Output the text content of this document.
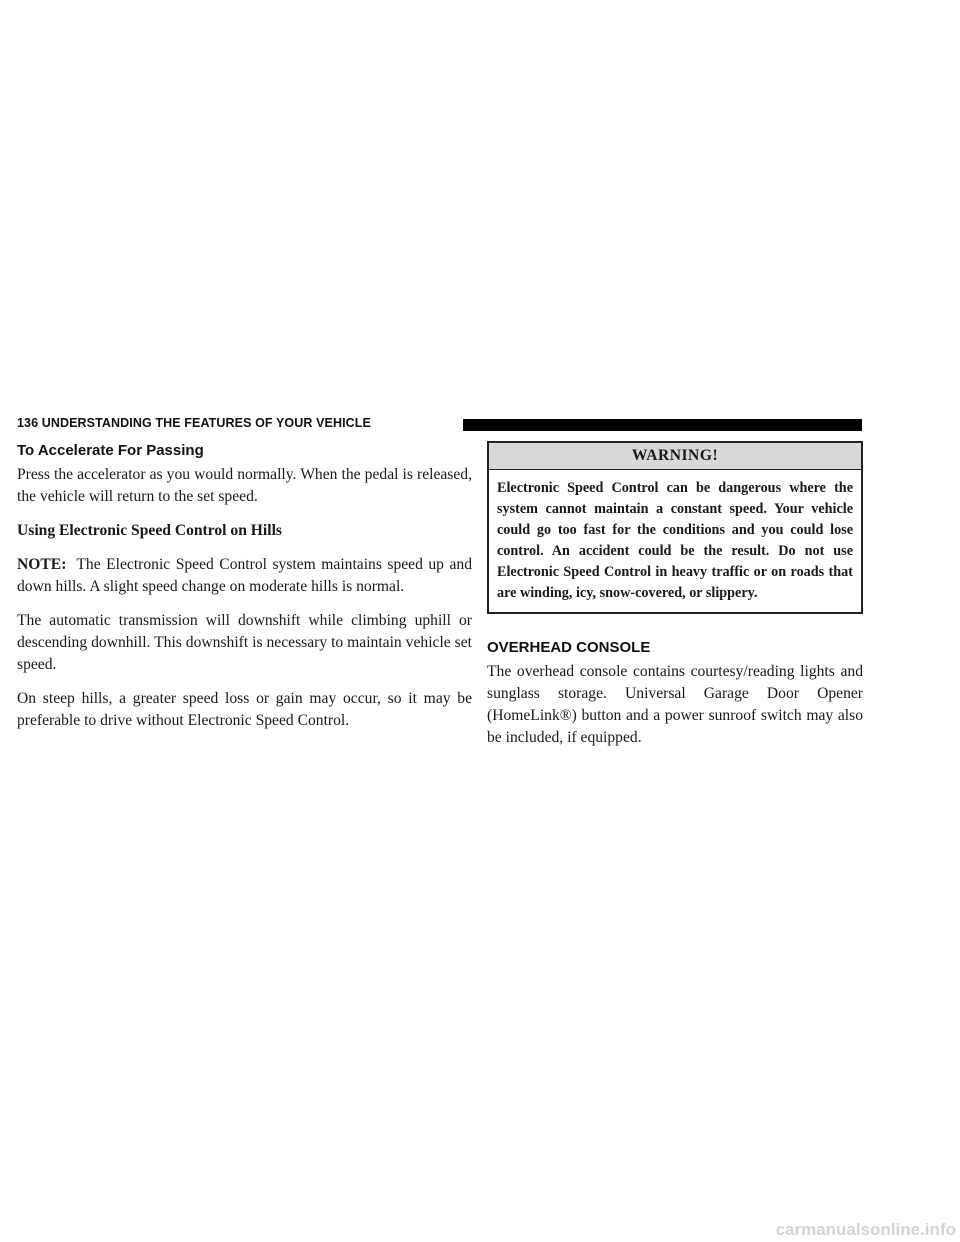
136 UNDERSTANDING THE FEATURES OF YOUR VEHICLE
To Accelerate For Passing

Press the accelerator as you would normally. When the pedal is released, the vehicle will return to the set speed.

Using Electronic Speed Control on Hills

NOTE: The Electronic Speed Control system maintains speed up and down hills. A slight speed change on moderate hills is normal.

The automatic transmission will downshift while climbing uphill or descending downhill. This downshift is necessary to maintain vehicle set speed.

On steep hills, a greater speed loss or gain may occur, so it may be preferable to drive without Electronic Speed Control.

WARNING!
Electronic Speed Control can be dangerous where the system cannot maintain a constant speed. Your vehicle could go too fast for the conditions and you could lose control. An accident could be the result. Do not use Electronic Speed Control in heavy traffic or on roads that are winding, icy, snow-covered, or slippery.
OVERHEAD CONSOLE

The overhead console contains courtesy/reading lights and sunglass storage. Universal Garage Door Opener (HomeLink®) button and a power sunroof switch may also be included, if equipped.

carmanualsonline.info
